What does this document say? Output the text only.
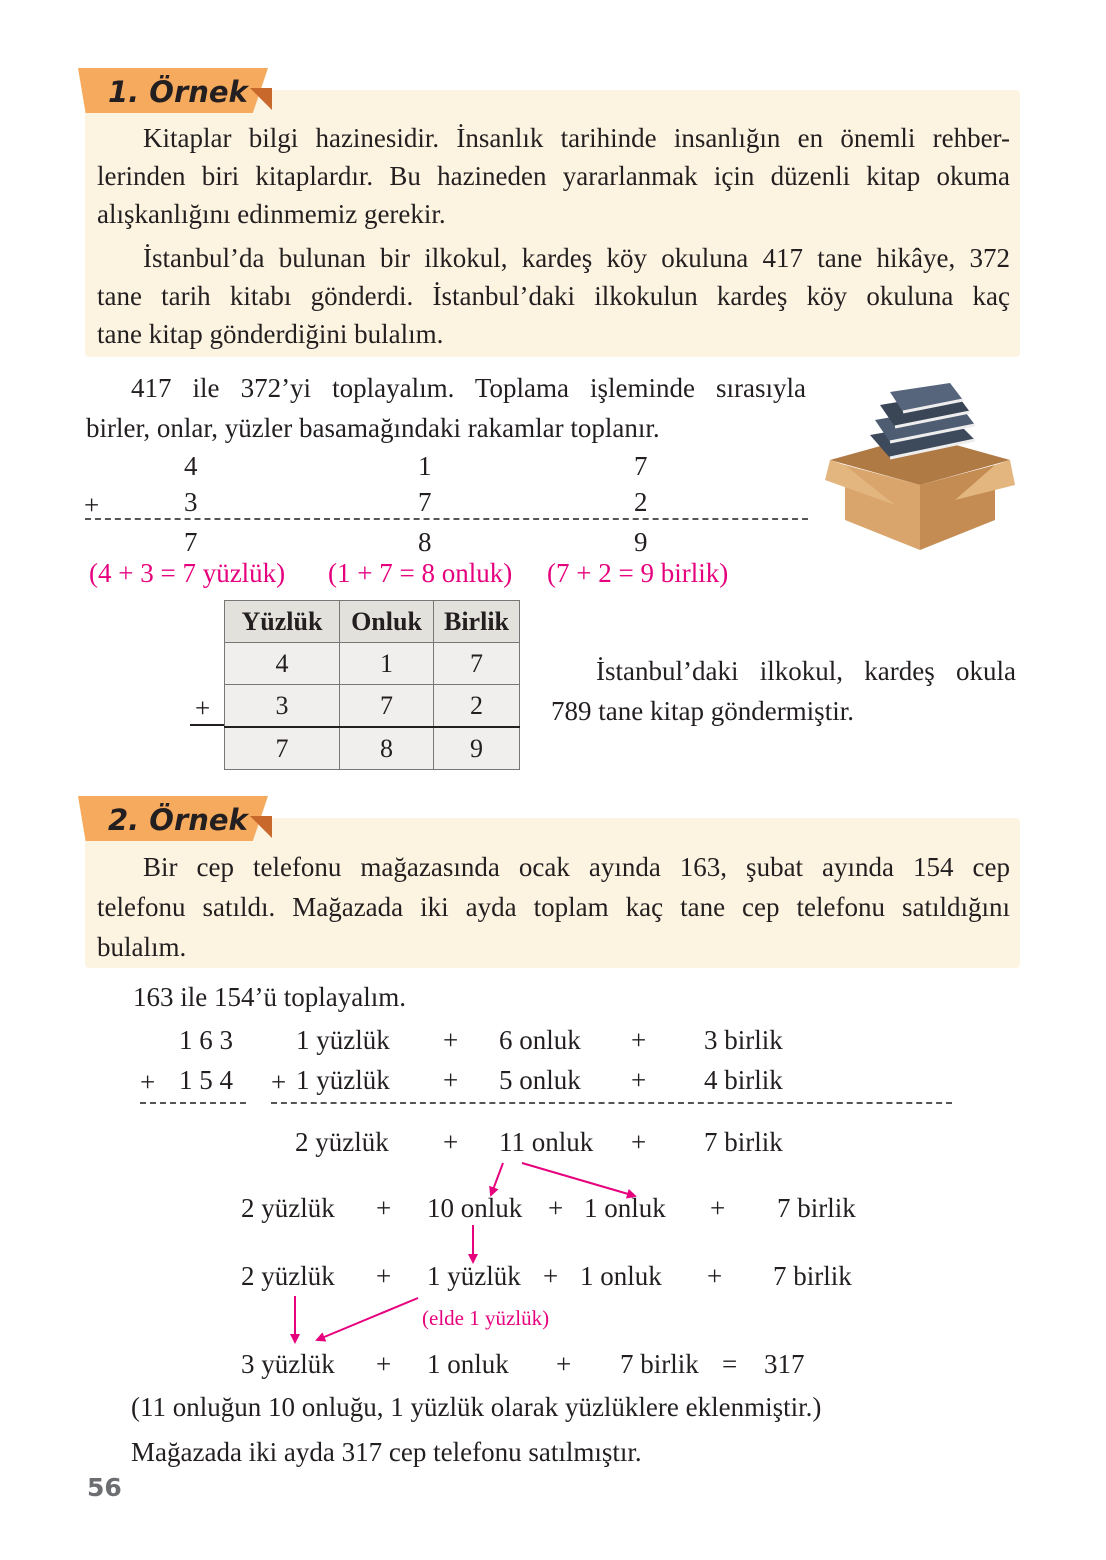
1. Örnek
Kitaplar bilgi hazinesidir. İnsanlık tarihinde insanlığın en önemli rehber-
lerinden biri kitaplardır. Bu hazineden yararlanmak için düzenli kitap okuma
alışkanlığını edinmemiz gerekir.
İstanbul’da bulunan bir ilkokul, kardeş köy okuluna 417 tane hikâye, 372
tane tarih kitabı gönderdi. İstanbul’daki ilkokulun kardeş köy okuluna kaç
tane kitap gönderdiğini bulalım.
417 ile 372’yi toplayalım. Toplama işleminde sırasıyla
birler, onlar, yüzler basamağındaki rakamlar toplanır.
4	1	7
+	3	7	2
7	8	9
(4 + 3 = 7 yüzlük) (1 + 7 = 8 onluk) (7 + 2 = 9 birlik)
Yüzlük	Onluk	Birlik
4	1	7
3	7	2
7	8	9
+
İstanbul’daki ilkokul, kardeş okula
789 tane kitap göndermiştir.
2. Örnek
Bir cep telefonu mağazasında ocak ayında 163, şubat ayında 154 cep
telefonu satıldı. Mağazada iki ayda toplam kaç tane cep telefonu satıldığını
bulalım.
163 ile 154’ü toplayalım.
1 6 3
+ 1 5 4
1 yüzlük + 6 onluk + 3 birlik
+ 1 yüzlük + 5 onluk + 4 birlik
2 yüzlük + 11 onluk + 7 birlik
2 yüzlük + 10 onluk + 1 onluk + 7 birlik
2 yüzlük + 1 yüzlük + 1 onluk + 7 birlik
(elde 1 yüzlük)
3 yüzlük + 1 onluk + 7 birlik = 317
(11 onluğun 10 onluğu, 1 yüzlük olarak yüzlüklere eklenmiştir.)
Mağazada iki ayda 317 cep telefonu satılmıştır.
56
